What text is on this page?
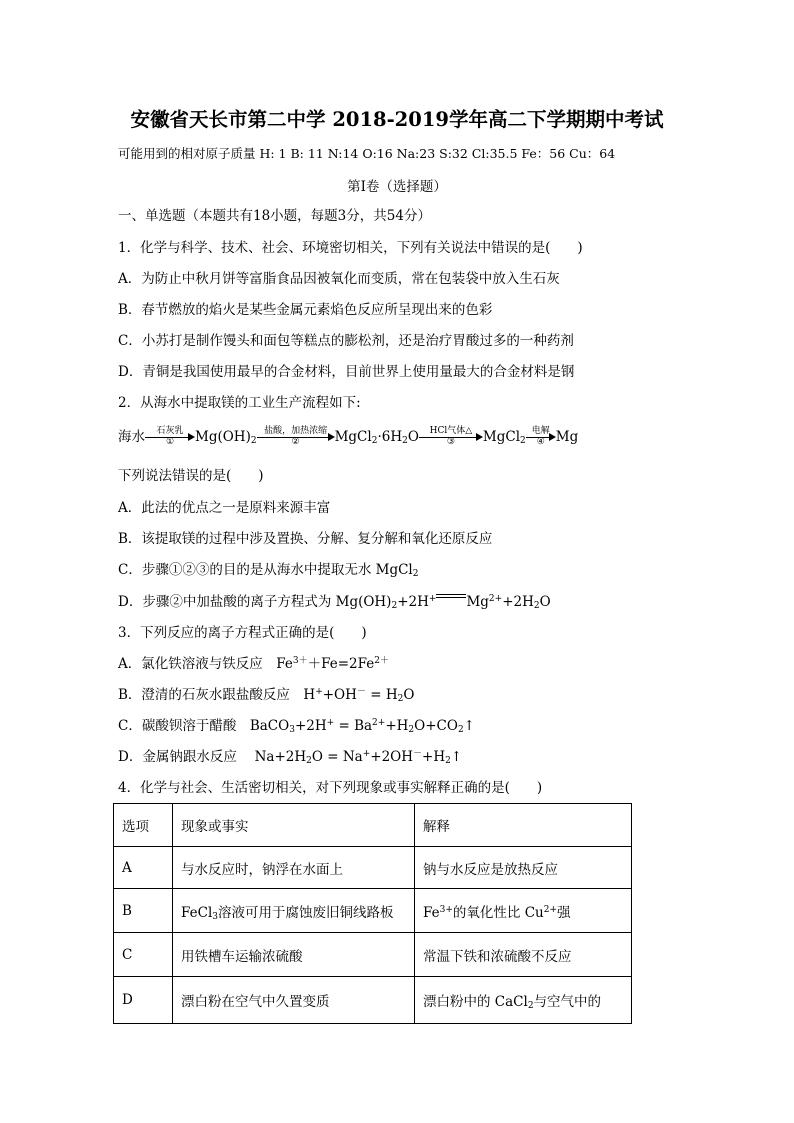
安徽省天长市第二中学 2018-2019学年高二下学期期中考试
可能用到的相对原子质量 H: 1 B: 11 N:14 O:16 Na:23 S:32 Cl:35.5 Fe：56 Cu：64
第Ⅰ卷（选择题）
一、单选题（本题共有18小题，每题3分，共54分）
1．化学与科学、技术、社会、环境密切相关，下列有关说法中错误的是(　　)
A．为防止中秋月饼等富脂食品因被氧化而变质，常在包装袋中放入生石灰
B．春节燃放的焰火是某些金属元素焰色反应所呈现出来的色彩
C．小苏打是制作馒头和面包等糕点的膨松剂，还是治疗胃酸过多的一种药剂
D．青铜是我国使用最早的合金材料，目前世界上使用量最大的合金材料是钢
2．从海水中提取镁的工业生产流程如下:
海水	石灰乳
①	$Mg(OH)_2$
盐酸，加热浓缩
②	$MgCl_2\cdot 6H_2O$	HCl气体△
③	MgCl$_2$
电解
④ Mg
下列说法错误的是(　　)
A．此法的优点之一是原料来源丰富
B．该提取镁的过程中涉及置换、分解、复分解和氧化还原反应
C．步骤①②③的目的是从海水中提取无水 MgCl$_2$
D．步骤②中加盐酸的离子方程式为 $Mg(OH)_2+2H^+$ $Mg^{2+}+2H_2O$
3．下列反应的离子方程式正确的是(　　)
A．氯化铁溶液与铁反应　$Fe^{3+}+Fe=2Fe^{2+}$
B．澄清的石灰水跟盐酸反应　$H^++OH^- = H_2O$
C．碳酸钡溶于醋酸　BaCO$_3$+2H+ = $Ba^{2+}+H_2O+CO_2↑$
D．金属钠跟水反应　 $Na+2H_2O$ = $Na^++2OH^-+H_2↑$
4．化学与社会、生活密切相关，对下列现象或事实解释正确的是(　　)
选项	现象或事实	解释
A	与水反应时，钠浮在水面上	钠与水反应是放热反应
B	FeCl$_3$溶液可用于腐蚀废旧铜线路板	$Fe^{3+}$的氧化性比 $Cu^{2+}$强
C	用铁槽车运输浓硫酸	常温下铁和浓硫酸不反应
D	漂白粉在空气中久置变质	漂白粉中的 CaCl$_2$与空气中的
